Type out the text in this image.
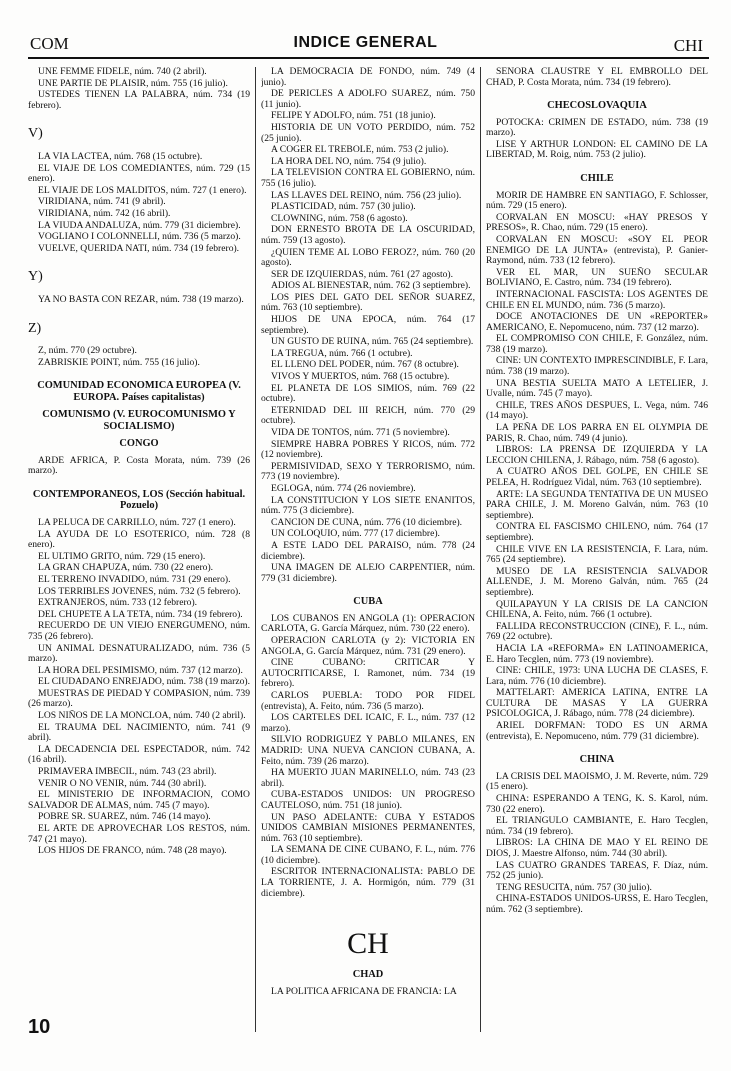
COM	INDICE GENERAL	CHI
UNE FEMME FIDELE, núm. 740 (2 abril).
UNE PARTIE DE PLAISIR, núm. 755 (16 julio).
USTEDES TIENEN LA PALABRA, núm. 734 (19 febrero).
V)
LA VIA LACTEA, núm. 768 (15 octubre).
EL VIAJE DE LOS COMEDIANTES, núm. 729 (15 enero).
EL VIAJE DE LOS MALDITOS, núm. 727 (1 enero).
VIRIDIANA, núm. 741 (9 abril).
VIRIDIANA, núm. 742 (16 abril).
LA VIUDA ANDALUZA, núm. 779 (31 diciembre).
VOGLIANO I COLONNELLI, núm. 736 (5 marzo).
VUELVE, QUERIDA NATI, núm. 734 (19 febrero).
Y)
YA NO BASTA CON REZAR, núm. 738 (19 marzo).
Z)
Z, núm. 770 (29 octubre).
ZABRISKIE POINT, núm. 755 (16 julio).
COMUNIDAD ECONOMICA EUROPEA (V. EUROPA. Países capitalistas)
COMUNISMO (V. EUROCOMUNISMO Y SOCIALISMO)
CONGO
ARDE AFRICA, P. Costa Morata, núm. 739 (26 marzo).
CONTEMPORANEOS, LOS (Sección habitual. Pozuelo)
LA PELUCA DE CARRILLO, núm. 727 (1 enero).
LA AYUDA DE LO ESOTERICO, núm. 728 (8 enero).
EL ULTIMO GRITO, núm. 729 (15 enero).
LA GRAN CHAPUZA, núm. 730 (22 enero).
EL TERRENO INVADIDO, núm. 731 (29 enero).
LOS TERRIBLES JOVENES, núm. 732 (5 febrero).
EXTRANJEROS, núm. 733 (12 febrero).
DEL CHUPETE A LA TETA, núm. 734 (19 febrero).
RECUERDO DE UN VIEJO ENERGUMENO, núm. 735 (26 febrero).
UN ANIMAL DESNATURALIZADO, núm. 736 (5 marzo).
LA HORA DEL PESIMISMO, núm. 737 (12 marzo).
EL CIUDADANO ENREJADO, núm. 738 (19 marzo).
MUESTRAS DE PIEDAD Y COMPASION, núm. 739 (26 marzo).
LOS NIÑOS DE LA MONCLOA, núm. 740 (2 abril).
EL TRAUMA DEL NACIMIENTO, núm. 741 (9 abril).
LA DECADENCIA DEL ESPECTADOR, núm. 742 (16 abril).
PRIMAVERA IMBECIL, núm. 743 (23 abril).
VENIR O NO VENIR, núm. 744 (30 abril).
EL MINISTERIO DE INFORMACION, COMO SALVADOR DE ALMAS, núm. 745 (7 mayo).
POBRE SR. SUAREZ, núm. 746 (14 mayo).
EL ARTE DE APROVECHAR LOS RESTOS, núm. 747 (21 mayo).
LOS HIJOS DE FRANCO, núm. 748 (28 mayo).
LA DEMOCRACIA DE FONDO, núm. 749 (4 junio).
DE PERICLES A ADOLFO SUAREZ, núm. 750 (11 junio).
FELIPE Y ADOLFO, núm. 751 (18 junio).
HISTORIA DE UN VOTO PERDIDO, núm. 752 (25 junio).
A COGER EL TREBOLE, núm. 753 (2 julio).
LA HORA DEL NO, núm. 754 (9 julio).
LA TELEVISION CONTRA EL GOBIERNO, núm. 755 (16 julio).
LAS LLAVES DEL REINO, núm. 756 (23 julio).
PLASTICIDAD, núm. 757 (30 julio).
CLOWNING, núm. 758 (6 agosto).
DON ERNESTO BROTA DE LA OSCURIDAD, núm. 759 (13 agosto).
¿QUIEN TEME AL LOBO FEROZ?, núm. 760 (20 agosto).
SER DE IZQUIERDAS, núm. 761 (27 agosto).
ADIOS AL BIENESTAR, núm. 762 (3 septiembre).
LOS PIES DEL GATO DEL SEÑOR SUAREZ, núm. 763 (10 septiembre).
HIJOS DE UNA EPOCA, núm. 764 (17 septiembre).
UN GUSTO DE RUINA, núm. 765 (24 septiembre).
LA TREGUA, núm. 766 (1 octubre).
EL LLENO DEL PODER, núm. 767 (8 octubre).
VIVOS Y MUERTOS, núm. 768 (15 octubre).
EL PLANETA DE LOS SIMIOS, núm. 769 (22 octubre).
ETERNIDAD DEL III REICH, núm. 770 (29 octubre).
VIDA DE TONTOS, núm. 771 (5 noviembre).
SIEMPRE HABRA POBRES Y RICOS, núm. 772 (12 noviembre).
PERMISIVIDAD, SEXO Y TERRORISMO, núm. 773 (19 noviembre).
EGLOGA, núm. 774 (26 noviembre).
LA CONSTITUCION Y LOS SIETE ENANITOS, núm. 775 (3 diciembre).
CANCION DE CUNA, núm. 776 (10 diciembre).
UN COLOQUIO, núm. 777 (17 diciembre).
A ESTE LADO DEL PARAISO, núm. 778 (24 diciembre).
UNA IMAGEN DE ALEJO CARPENTIER, núm. 779 (31 diciembre).
CUBA
LOS CUBANOS EN ANGOLA (1): OPERACION CARLOTA, G. García Márquez, núm. 730 (22 enero).
OPERACION CARLOTA (y 2): VICTORIA EN ANGOLA, G. García Márquez, núm. 731 (29 enero).
CINE CUBANO: CRITICAR Y AUTOCRITICARSE, I. Ramonet, núm. 734 (19 febrero).
CARLOS PUEBLA: TODO POR FIDEL (entrevista), A. Feito, núm. 736 (5 marzo).
LOS CARTELES DEL ICAIC, F. L., núm. 737 (12 marzo).
SILVIO RODRIGUEZ Y PABLO MILANES, EN MADRID: UNA NUEVA CANCION CUBANA, A. Feito, núm. 739 (26 marzo).
HA MUERTO JUAN MARINELLO, núm. 743 (23 abril).
CUBA-ESTADOS UNIDOS: UN PROGRESO CAUTELOSO, núm. 751 (18 junio).
UN PASO ADELANTE: CUBA Y ESTADOS UNIDOS CAMBIAN MISIONES PERMANENTES, núm. 763 (10 septiembre).
LA SEMANA DE CINE CUBANO, F. L., núm. 776 (10 diciembre).
ESCRITOR INTERNACIONALISTA: PABLO DE LA TORRIENTE, J. A. Hormigón, núm. 779 (31 diciembre).
CH
CHAD
LA POLITICA AFRICANA DE FRANCIA: LA
SEÑORA CLAUSTRE Y EL EMBROLLO DEL CHAD, P. Costa Morata, núm. 734 (19 febrero).
CHECOSLOVAQUIA
POTOCKA: CRIMEN DE ESTADO, núm. 738 (19 marzo).
LISE Y ARTHUR LONDON: EL CAMINO DE LA LIBERTAD, M. Roig, núm. 753 (2 julio).
CHILE
MORIR DE HAMBRE EN SANTIAGO, F. Schlosser, núm. 729 (15 enero).
CORVALAN EN MOSCU: «HAY PRESOS Y PRESOS», R. Chao, núm. 729 (15 enero).
CORVALAN EN MOSCU: «SOY EL PEOR ENEMIGO DE LA JUNTA» (entrevista), P. Ganier-Raymond, núm. 733 (12 febrero).
VER EL MAR, UN SUEÑO SECULAR BOLIVIANO, E. Castro, núm. 734 (19 febrero).
INTERNACIONAL FASCISTA: LOS AGENTES DE CHILE EN EL MUNDO, núm. 736 (5 marzo).
DOCE ANOTACIONES DE UN «REPORTER» AMERICANO, E. Nepomuceno, núm. 737 (12 marzo).
EL COMPROMISO CON CHILE, F. González, núm. 738 (19 marzo).
CINE: UN CONTEXTO IMPRESCINDIBLE, F. Lara, núm. 738 (19 marzo).
UNA BESTIA SUELTA MATO A LETELIER, J. Uvalle, núm. 745 (7 mayo).
CHILE, TRES AÑOS DESPUES, L. Vega, núm. 746 (14 mayo).
LA PEÑA DE LOS PARRA EN EL OLYMPIA DE PARIS, R. Chao, núm. 749 (4 junio).
LIBROS: LA PRENSA DE IZQUIERDA Y LA LECCION CHILENA, J. Rábago, núm. 758 (6 agosto).
A CUATRO AÑOS DEL GOLPE, EN CHILE SE PELEA, H. Rodríguez Vidal, núm. 763 (10 septiembre).
ARTE: LA SEGUNDA TENTATIVA DE UN MUSEO PARA CHILE, J. M. Moreno Galván, núm. 763 (10 septiembre).
CONTRA EL FASCISMO CHILENO, núm. 764 (17 septiembre).
CHILE VIVE EN LA RESISTENCIA, F. Lara, núm. 765 (24 septiembre).
MUSEO DE LA RESISTENCIA SALVADOR ALLENDE, J. M. Moreno Galván, núm. 765 (24 septiembre).
QUILAPAYUN Y LA CRISIS DE LA CANCION CHILENA, A. Feito, núm. 766 (1 octubre).
FALLIDA RECONSTRUCCION (CINE), F. L., núm. 769 (22 octubre).
HACIA LA «REFORMA» EN LATINOAMERICA, E. Haro Tecglen, núm. 773 (19 noviembre).
CINE: CHILE, 1973: UNA LUCHA DE CLASES, F. Lara, núm. 776 (10 diciembre).
MATTELART: AMERICA LATINA, ENTRE LA CULTURA DE MASAS Y LA GUERRA PSICOLOGICA, J. Rábago, núm. 778 (24 diciembre).
ARIEL DORFMAN: TODO ES UN ARMA (entrevista), E. Nepomuceno, núm. 779 (31 diciembre).
CHINA
LA CRISIS DEL MAOISMO, J. M. Reverte, núm. 729 (15 enero).
CHINA: ESPERANDO A TENG, K. S. Karol, núm. 730 (22 enero).
EL TRIANGULO CAMBIANTE, E. Haro Tecglen, núm. 734 (19 febrero).
LIBROS: LA CHINA DE MAO Y EL REINO DE DIOS, J. Maestre Alfonso, núm. 744 (30 abril).
LAS CUATRO GRANDES TAREAS, F. Díaz, núm. 752 (25 junio).
TENG RESUCITA, núm. 757 (30 julio).
CHINA-ESTADOS UNIDOS-URSS, E. Haro Tecglen, núm. 762 (3 septiembre).
10
